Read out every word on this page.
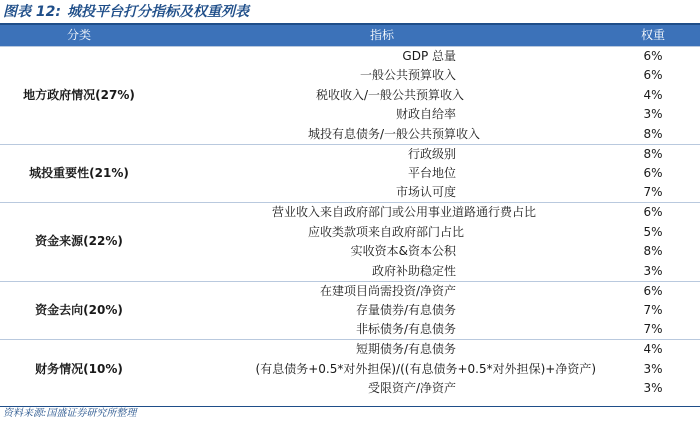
图表 12: 城投平台打分指标及权重列表
分类	指标	权重
地方政府情况(27%)	GDP 总量	6%
	一般公共预算收入	6%
	税收收入/一般公共预算收入	4%
	财政自给率	3%
	城投有息债务/一般公共预算收入	8%
城投重要性(21%)	行政级别	8%
	平台地位	6%
	市场认可度	7%
资金来源(22%)	营业收入来自政府部门或公用事业道路通行费占比	6%
	应收类款项来自政府部门占比	5%
	实收资本&资本公积	8%
	政府补助稳定性	3%
资金去向(20%)	在建项目尚需投资/净资产	6%
	存量债券/有息债务	7%
	非标债务/有息债务	7%
财务情况(10%)	短期债务/有息债务	4%
	(有息债务+0.5*对外担保)/((有息债务+0.5*对外担保)+净资产)	3%
	受限资产/净资产	3%
资料来源:国盛证券研究所整理
